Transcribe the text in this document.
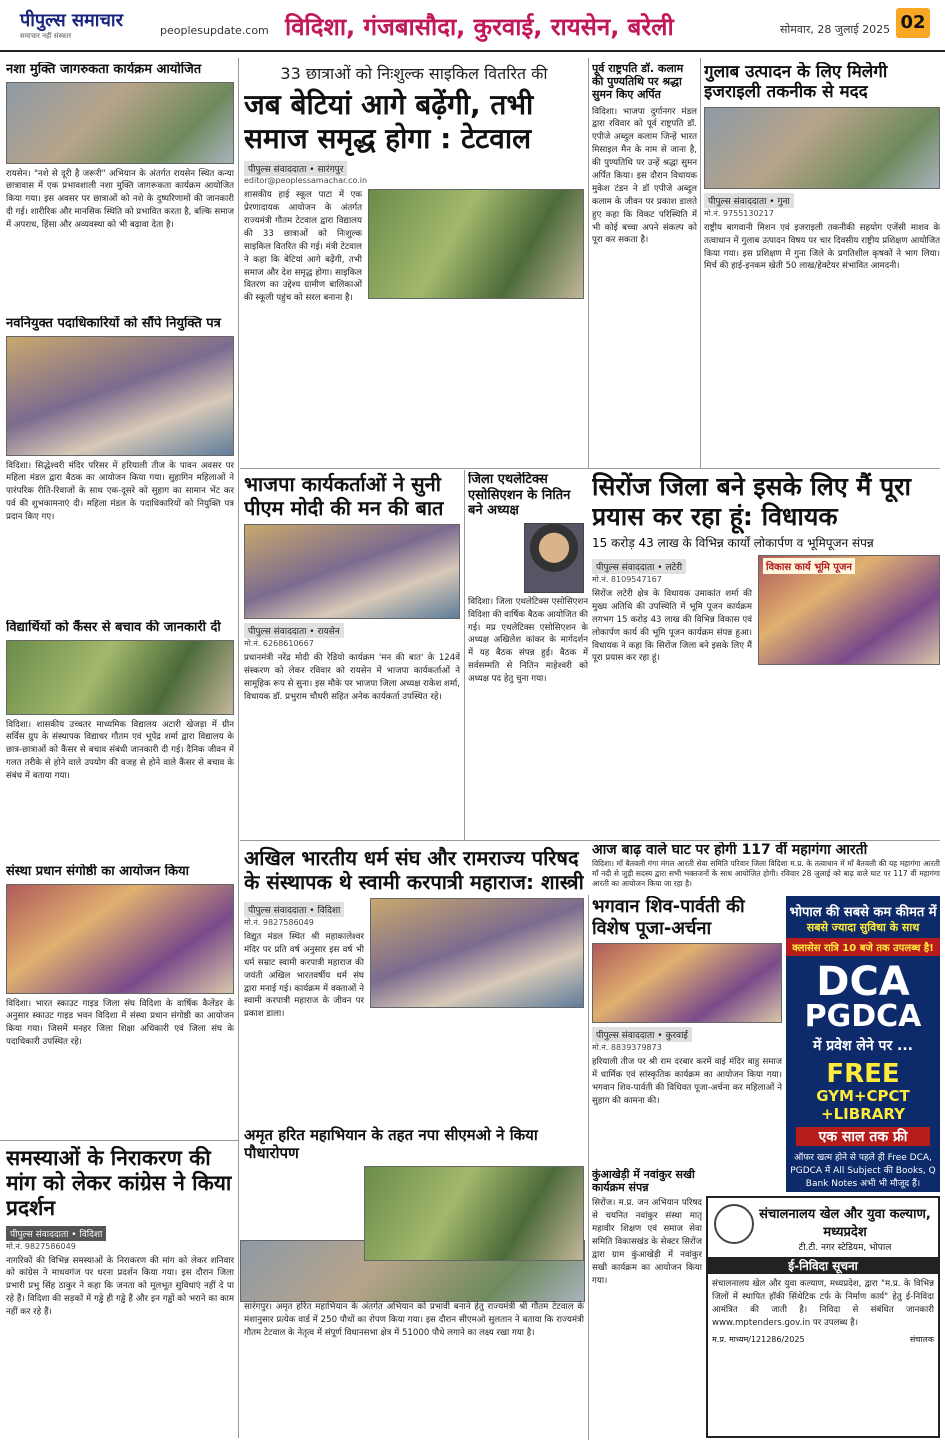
पीपुल्स समाचार
समाचार नहीं संस्कार	peoplesupdate.com विदिशा, गंजबासौदा, कुरवाई, रायसेन, बरेली	सोमवार, 28 जुलाई 2025 02
नशा मुक्ति जागरुकता कार्यक्रम आयोजित
रायसेन। "नशे से दूरी है जरूरी" अभियान के अंतर्गत रायसेन स्थित कन्या छात्रावास में एक प्रभावशाली नशा मुक्ति जागरूकता कार्यक्रम आयोजित किया गया। इस अवसर पर छात्राओं को नशे के दुष्परिणामों की जानकारी दी गई। शारीरिक और मानसिक स्थिति को प्रभावित करता है, बल्कि समाज में अपराध, हिंसा और अव्यवस्था को भी बढ़ावा देता है।
नवनियुक्त पदाधिकारियों को सौंपे नियुक्ति पत्र
विदिशा। सिद्धेश्वरी मंदिर परिसर में हरियाली तीज के पावन अवसर पर महिला मंडल द्वारा बैठक का आयोजन किया गया। सुहागिन महिलाओं ने पारंपरिक रीति-रिवाजों के साथ एक-दूसरे को सुहाग का सामान भेंट कर पर्व की शुभकामनाएं दी। महिला मंडल के पदाधिकारियों को नियुक्ति पत्र प्रदान किए गए।
विद्यार्थियों को कैंसर से बचाव की जानकारी दी
विदिशा। शासकीय उच्चतर माध्यमिक विद्यालय अटारी खेजड़ा में ग्रीन सर्विस ग्रुप के संस्थापक विद्याधर गौतम एवं भूपेंद्र शर्मा द्वारा विद्यालय के छात्र-छात्राओं को कैंसर से बचाव संबंधी जानकारी दी गई। दैनिक जीवन में गलत तरीके से होने वाले उपयोग की वजह से होने वाले कैंसर से बचाव के संबंध में बताया गया।
संस्था प्रधान संगोष्ठी का आयोजन किया
विदिशा। भारत स्काउट गाइड जिला संघ विदिशा के वार्षिक कैलेंडर के अनुसार स्काउट गाइड भवन विदिशा में संस्था प्रधान संगोष्ठी का आयोजन किया गया। जिसमें मनहर जिला शिक्षा अधिकारी एवं जिला संघ के पदाधिकारी उपस्थित रहे।
समस्याओं के निराकरण की मांग को लेकर कांग्रेस ने किया प्रदर्शन
पीपुल्स संवाददाता • विदिशा
मो.नं. 9827586049
नागरिकों की विभिन्न समस्याओं के निराकरण की मांग को लेकर शनिवार को कांग्रेस ने माधवगंज पर धरना प्रदर्शन किया गया। इस दौरान जिला प्रभारी प्रभु सिंह ठाकुर ने कहा कि जनता को मूलभूत सुविधाएं नहीं दे पा रहे हैं। विदिशा की सड़कों में गड्ढे ही गड्ढे हैं और इन गड्ढों को भराने का काम नहीं कर रहे हैं।
33 छात्राओं को निःशुल्क साइकिल वितरित की
जब बेटियां आगे बढ़ेंगी, तभी समाज समृद्ध होगा : टेटवाल
पीपुल्स संवाददाता • सारंगपुर
editor@peoplessamachar.co.in
शासकीय हाई स्कूल पाटा में एक प्रेरणादायक आयोजन के अंतर्गत राज्यमंत्री गौतम टेटवाल द्वारा विद्यालय की 33 छात्राओं को निःशुल्क साइकिल वितरित की गई। मंत्री टेटवाल ने कहा कि बेटियां आगे बढ़ेंगी, तभी समाज और देश समृद्ध होगा। साइकिल वितरण का उद्देश्य ग्रामीण बालिकाओं की स्कूली पहुंच को सरल बनाना है।
पूर्व राष्ट्रपति डॉ. कलाम की पुण्यतिथि पर श्रद्धा सुमन किए अर्पित
विदिशा। भाजपा दुर्गानगर मंडल द्वारा रविवार को पूर्व राष्ट्रपति डॉ. एपीजे अब्दुल कलाम जिन्हें भारत मिसाइल मैन के नाम से जाना है, की पुण्यतिथि पर उन्हें श्रद्धा सुमन अर्पित किया। इस दौरान विधायक मुकेश टंडन ने डॉ एपीजे अब्दुल कलाम के जीवन पर प्रकाश डालते हुए कहा कि विकट परिस्थिति में भी कोई बच्चा अपने संकल्प को पूरा कर सकता है।
गुलाब उत्पादन के लिए मिलेगी इजराइली तकनीक से मदद
पीपुल्स संवाददाता • गुना
मो.नं. 9755130217
राष्ट्रीय बागवानी मिशन एवं इजराइली तकनीकी सहयोग एजेंसी माशव के तत्वाधान में गुलाब उत्पादन विषय पर चार दिवसीय राष्ट्रीय प्रशिक्षण आयोजित किया गया। इस प्रशिक्षण में गुना जिले के प्रगतिशील कृषकों ने भाग लिया। मिर्च की हाई-इनकम खेती 50 लाख/हेक्टेयर संभावित आमदनी।
भाजपा कार्यकर्ताओं ने सुनी पीएम मोदी की मन की बात
पीपुल्स संवाददाता • रायसेन
मो.नं. 6268610667
प्रधानमंत्री नरेंद्र मोदी की रेडियो कार्यक्रम 'मन की बात' के 124वें संस्करण को लेकर रविवार को रायसेन में भाजपा कार्यकर्ताओं ने सामूहिक रूप से सुना। इस मौके पर भाजपा जिला अध्यक्ष राकेश शर्मा, विधायक डॉ. प्रभुराम चौधरी सहित अनेक कार्यकर्ता उपस्थित रहे।
जिला एथलेटिक्स एसोसिएशन के नितिन बने अध्यक्ष
विदिशा। जिला एथलेटिक्स एसोसिएशन विदिशा की वार्षिक बैठक आयोजित की गई। मप्र एथलेटिक्स एसोसिएशन के अध्यक्ष अखिलेश कांकर के मार्गदर्शन में यह बैठक संपन्न हुई। बैठक में सर्वसम्मति से नितिन माहेश्वरी को अध्यक्ष पद हेतु चुना गया।
सिरोंज जिला बने इसके लिए मैं पूरा प्रयास कर रहा हूं: विधायक
15 करोड़ 43 लाख के विभिन्न कार्यों लोकार्पण व भूमिपूजन संपन्न
पीपुल्स संवाददाता • लटेरी
मो.नं. 8109547167
सिरोंज लटेरी क्षेत्र के विधायक उमाकांत शर्मा की मुख्य अतिथि की उपस्थिति में भूमि पूजन कार्यक्रम लगभग 15 करोड़ 43 लाख की विभिन्न विकास एवं लोकार्पण कार्य की भूमि पूजन कार्यक्रम संपन्न हुआ। विधायक ने कहा कि सिरोंज जिला बने इसके लिए मैं पूरा प्रयास कर रहा हूं।
विकास कार्य भूमि पूजन
आज बाढ़ वाले घाट पर होगी 117 वीं महागंगा आरती
विदिशा। माँ बैतवली गंगा मंगल आरती सेवा समिति परिवार जिला विदिशा म.प्र. के तत्वाधान में माँ बैतवली की यह महागंगा आरती माँ नदी से जुड़ी सदस्य द्वारा सभी भक्तजनों के साथ आयोजित होगी। रविवार 28 जुलाई को बाढ़ वाले घाट पर 117 वीं महागंगा आरती का आयोजन किया जा रहा है।
अखिल भारतीय धर्म संघ और रामराज्य परिषद के संस्थापक थे स्वामी करपात्री महाराज: शास्त्री
पीपुल्स संवाददाता • विदिशा
मो.नं. 9827586049
विद्युत मंडल स्थित श्री महाकालेश्वर मंदिर पर प्रति वर्ष अनुसार इस वर्ष भी धर्म सम्राट स्वामी करपात्री महाराज की जयंती अखिल भारतवर्षीय धर्म संघ द्वारा मनाई गई। कार्यक्रम में वक्ताओं ने स्वामी करपात्री महाराज के जीवन पर प्रकाश डाला।
अमृत हरित महाभियान के तहत नपा सीएमओ ने किया पौधारोपण
सारंगपुर। अमृत हरित महाभियान के अंतर्गत अभियान को प्रभावी बनाने हेतु राज्यमंत्री श्री गौतम टेटवाल के मंशानुसार प्रत्येक वार्ड में 250 पौधों का रोपण किया गया। इस दौरान सीएमओ सुलतान ने बताया कि राज्यमंत्री गौतम टेटवाल के नेतृत्व में संपूर्ण विधानसभा क्षेत्र में 51000 पौधे लगाने का लक्ष्य रखा गया है।
भगवान शिव-पार्वती की विशेष पूजा-अर्चना
पीपुल्स संवाददाता • कुरवाई
मो.नं. 8839379873
हरियाली तीज पर श्री राम दरबार करमें वाई मंदिर बाहु समाज में धार्मिक एवं सांस्कृतिक कार्यक्रम का आयोजन किया गया। भगवान शिव-पार्वती की विधिवत पूजा-अर्चना कर महिलाओं ने सुहाग की कामना की।
कुंआखेड़ी में नवांकुर सखी कार्यक्रम संपन्न
सिरोंज। म.प्र. जन अभियान परिषद से चयनित नवांकुर संस्था मातृ महावीर शिक्षण एवं समाज सेवा समिति विकासखंड के सेक्टर सिरोंज द्वारा ग्राम कुंआखेड़ी में नवांकुर सखी कार्यक्रम का आयोजन किया गया।
भोपाल की सबसे कम कीमत में
सबसे ज्यादा सुविधा के साथ
क्लासेस रात्रि 10 बजे तक उपलब्ध है!
DCA
PGDCA
में प्रवेश लेने पर ...
FREE
GYM+CPCT
+LIBRARY
एक साल तक फ्री
ऑफर खत्म होने से पहले ही Free DCA, PGDCA में All Subject की Books, Q Bank Notes अभी भी मौजूद हैं।
संचालनालय खेल और युवा कल्याण, मध्यप्रदेश
टी.टी. नगर स्टेडियम, भोपाल
ई-निविदा सूचना
संचालनालय खेल और युवा कल्याण, मध्यप्रदेश, द्वारा "म.प्र. के विभिन्न जिलों में स्थापित हॉकी सिंथेटिक टर्फ के निर्माण कार्य" हेतु ई-निविदा आमंत्रित की जाती है। निविदा से संबंधित जानकारी www.mptenders.gov.in पर उपलब्ध है।
म.प्र. माध्यम/121286/2025	संचालक
